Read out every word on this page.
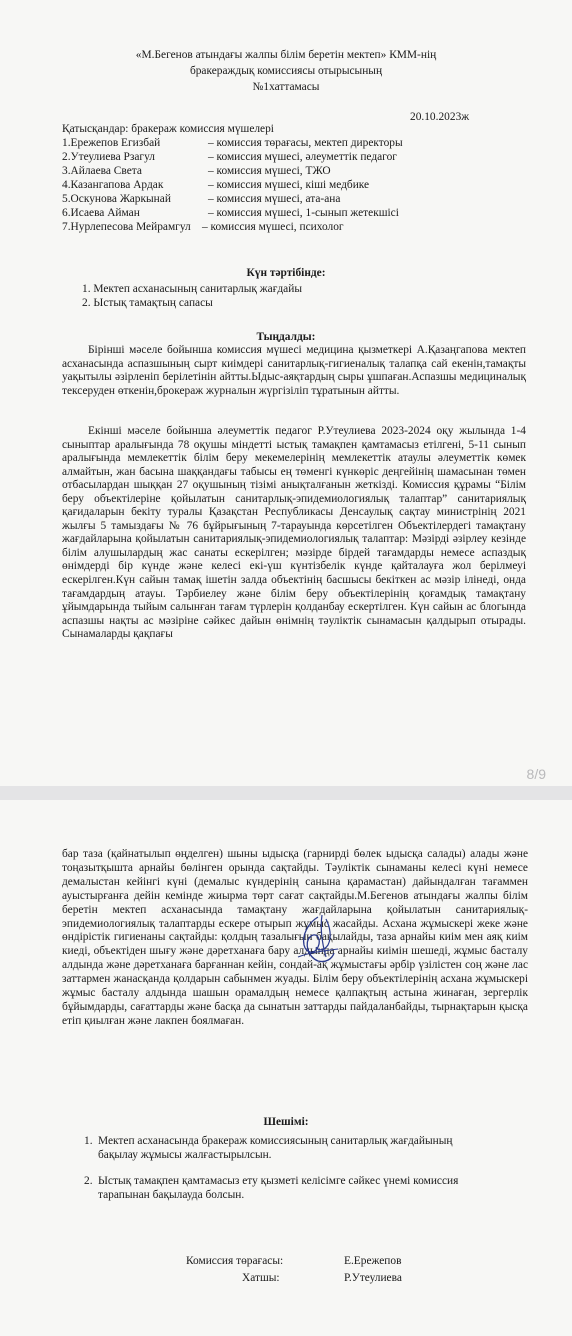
«М.Бегенов атындағы жалпы білім беретін мектеп» КММ-нің
бракераждық комиссиясы отырысының
№1хаттамасы
20.10.2023ж
Қатысқандар: бракераж комиссия мүшелері
1.Ережепов Егизбай	– комиссия төрағасы, мектеп директоры
2.Утеулиева Рзагул	– комиссия мүшесі, әлеуметтік педагог
3.Айлаева Света	– комиссия мүшесі, ТЖО
4.Казангапова Ардак	– комиссия мүшесі, кіші медбике
5.Оскунова Жаркынай	– комиссия мүшесі, ата-ана
6.Исаева Айман	– комиссия мүшесі, 1-сынып жетекшісі
7.Нурлепесова Мейрамгул – комиссия мүшесі, психолог
Күн тәртібінде:
1. Мектеп асханасының санитарлық жағдайы
2. Ыстық тамақтың сапасы
Тыңдалды:
Бірінші мәселе бойынша комиссия мүшесі медицина қызметкері А.Қазаңгапова мектеп асханасында аспазшының сырт киімдері санитарлық-гигиеналық талапқа сай екенін,тамақты уақытылы әзірленіп берілетінін айтты.Ыдыс-аяқтардың сыры ұшпаған.Аспазшы медициналық тексеруден өткенін,брокераж журналын жүргізіліп тұратынын айтты.
Екінші мәселе бойынша әлеуметтік педагог Р.Утеулиева 2023-2024 оқу жылында 1-4 сыныптар аралығында 78 оқушы міндетті ыстық тамақпен қамтамасыз етілгені, 5-11 сынып аралығында мемлекеттік білім беру мекемелерінің мемлекеттік атаулы әлеуметтік көмек алмайтын, жан басына шаққандағы табысы ең төменгі күнкөріс деңгейінің шамасынан төмен отбасылардан шыққан 27 оқушының тізімі анықталғанын жеткізді. Комиссия құрамы “Білім беру объектілеріне қойылатын санитарлық-эпидемиологиялық талаптар” санитариялық қағидаларын бекіту туралы Қазақстан Республикасы Денсаулық сақтау министрінің 2021 жылғы 5 тамыздағы № 76 бұйрығының 7-тарауында көрсетілген Объектілердегі тамақтану жағдайларына қойылатын санитариялық-эпидемиологиялық талаптар: Мәзірді әзірлеу кезінде білім алушылардың жас санаты ескерілген; мәзірде бірдей тағамдарды немесе аспаздық өнімдерді бір күнде және келесі екі-үш күнтізбелік күнде қайталауға жол берілмеуі ескерілген.Күн сайын тамақ ішетін залда объектінің басшысы бекіткен ас мәзір ілінеді, онда тағамдардың атауы. Тәрбиелеу және білім беру объектілерінің қоғамдық тамақтану ұйымдарында тыйым салынған тағам түрлерін қолданбау ескертілген. Күн сайын ас блогында аспазшы нақты ас мәзіріне сәйкес дайын өнімнің тәуліктік сынамасын қалдырып отырады. Сынамаларды қақпағы
8/9
бар таза (қайнатылып өңделген) шыны ыдысқа (гарнирді бөлек ыдысқа салады) алады және тоңазытқышта арнайы бөлінген орында сақтайды. Тәуліктік сынаманы келесі күні немесе демалыстан кейінгі күні (демалыс күндерінің санына қарамастан) дайындалған тағаммен ауыстырғанға дейін кемінде жиырма төрт сағат сақтайды.М.Бегенов атындағы жалпы білім беретін мектеп асханасында тамақтану жағдайларына қойылатын санитариялық-эпидемиологиялық талаптарды ескере отырып жұмыс жасайды. Асхана жұмыскері жеке және өндірістік гигиенаны сақтайды: қолдың тазалығын бақылайды, таза арнайы киім мен аяқ киім киеді, объектіден шығу және дәретханаға бару алдында арнайы киімін шешеді, жұмыс басталу алдында және дәретханаға барғаннан кейін, сондай-ақ жұмыстағы әрбір үзілістен соң және лас заттармен жанасқанда қолдарын сабынмен жуады. Білім беру объектілерінің асхана жұмыскері жұмыс басталу алдында шашын орамалдың немесе қалпақтың астына жинаған, зергерлік бұйымдарды, сағаттарды және басқа да сынатын заттарды пайдаланбайды, тырнақтарын қысқа етіп қиылған және лакпен боялмаған.
Шешімі:
1. Мектеп асханасында бракераж комиссиясының санитарлық жағдайының
бақылау жұмысы жалғастырылсын.
2. Ыстық тамақпен қамтамасыз ету қызметі келісімге сәйкес үнемі комиссия
тарапынан бақылауда болсын.
Комиссия төрағасы:	Е.Ережепов
Хатшы:	Р.Утеулиева
